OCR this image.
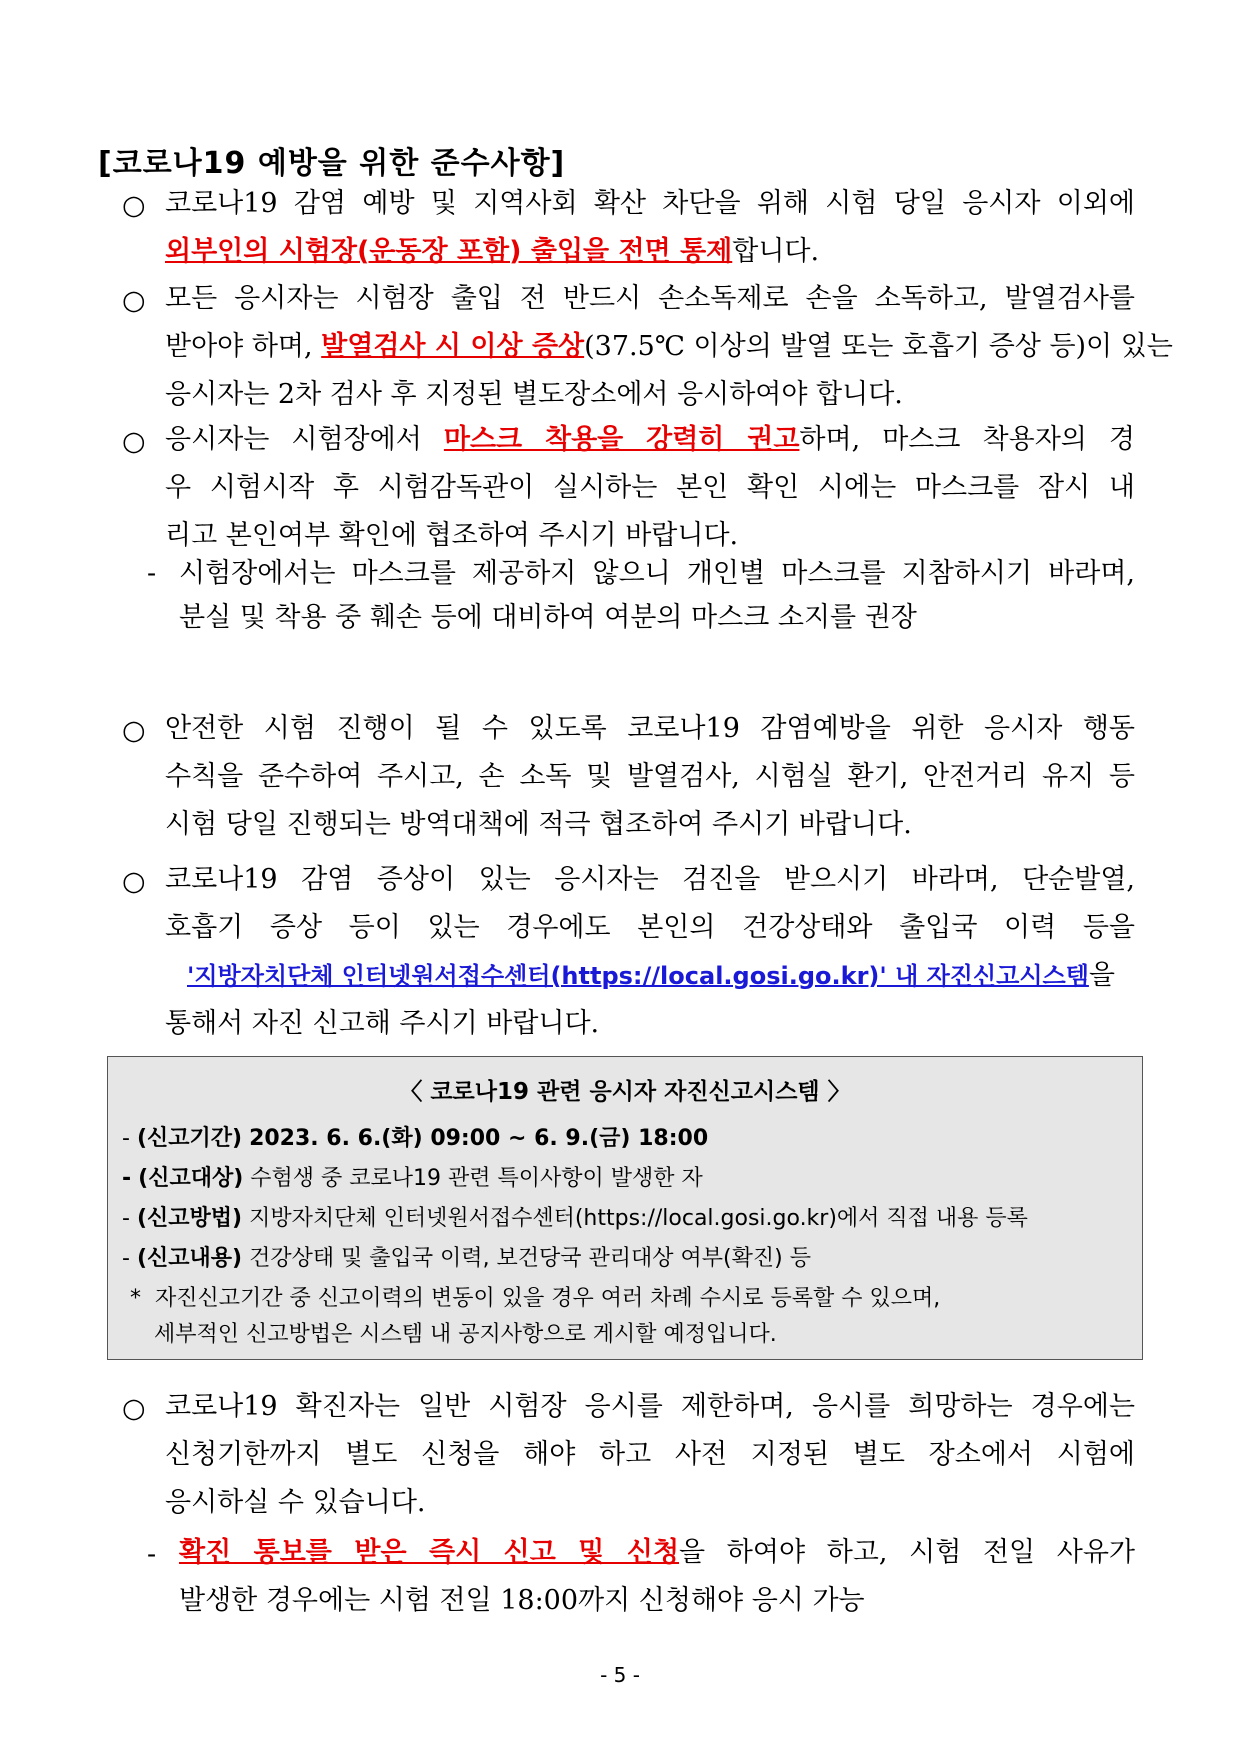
[코로나19 예방을 위한 준수사항]
○ 코로나19 감염 예방 및 지역사회 확산 차단을 위해 시험 당일 응시자 이외에
외부인의 시험장(운동장 포함) 출입을 전면 통제합니다.
○ 모든 응시자는 시험장 출입 전 반드시 손소독제로 손을 소독하고, 발열검사를
받아야 하며, 발열검사 시 이상 증상(37.5℃ 이상의 발열 또는 호흡기 증상 등)이 있는
응시자는 2차 검사 후 지정된 별도장소에서 응시하여야 합니다.
○ 응시자는 시험장에서 마스크 착용을 강력히 권고하며, 마스크 착용자의 경
우 시험시작 후 시험감독관이 실시하는 본인 확인 시에는 마스크를 잠시 내
리고 본인여부 확인에 협조하여 주시기 바랍니다.
- 시험장에서는 마스크를 제공하지 않으니 개인별 마스크를 지참하시기 바라며,
분실 및 착용 중 훼손 등에 대비하여 여분의 마스크 소지를 권장
○ 안전한 시험 진행이 될 수 있도록 코로나19 감염예방을 위한 응시자 행동
수칙을 준수하여 주시고, 손 소독 및 발열검사, 시험실 환기, 안전거리 유지 등
시험 당일 진행되는 방역대책에 적극 협조하여 주시기 바랍니다.
○ 코로나19 감염 증상이 있는 응시자는 검진을 받으시기 바라며, 단순발열,
호흡기 증상 등이 있는 경우에도 본인의 건강상태와 출입국 이력 등을
'지방자치단체 인터넷원서접수센터(https://local.gosi.go.kr)' 내 자진신고시스템을
통해서 자진 신고해 주시기 바랍니다.
〈 코로나19 관련 응시자 자진신고시스템 〉
- (신고기간) 2023. 6. 6.(화) 09:00 ~ 6. 9.(금) 18:00
- (신고대상) 수험생 중 코로나19 관련 특이사항이 발생한 자
- (신고방법) 지방자치단체 인터넷원서접수센터(https://local.gosi.go.kr)에서 직접 내용 등록
- (신고내용) 건강상태 및 출입국 이력, 보건당국 관리대상 여부(확진) 등
* 자진신고기간 중 신고이력의 변동이 있을 경우 여러 차례 수시로 등록할 수 있으며,
세부적인 신고방법은 시스템 내 공지사항으로 게시할 예정입니다.
○ 코로나19 확진자는 일반 시험장 응시를 제한하며, 응시를 희망하는 경우에는
신청기한까지 별도 신청을 해야 하고 사전 지정된 별도 장소에서 시험에
응시하실 수 있습니다.
- 확진 통보를 받은 즉시 신고 및 신청을 하여야 하고, 시험 전일 사유가
발생한 경우에는 시험 전일 18:00까지 신청해야 응시 가능
- 5 -
